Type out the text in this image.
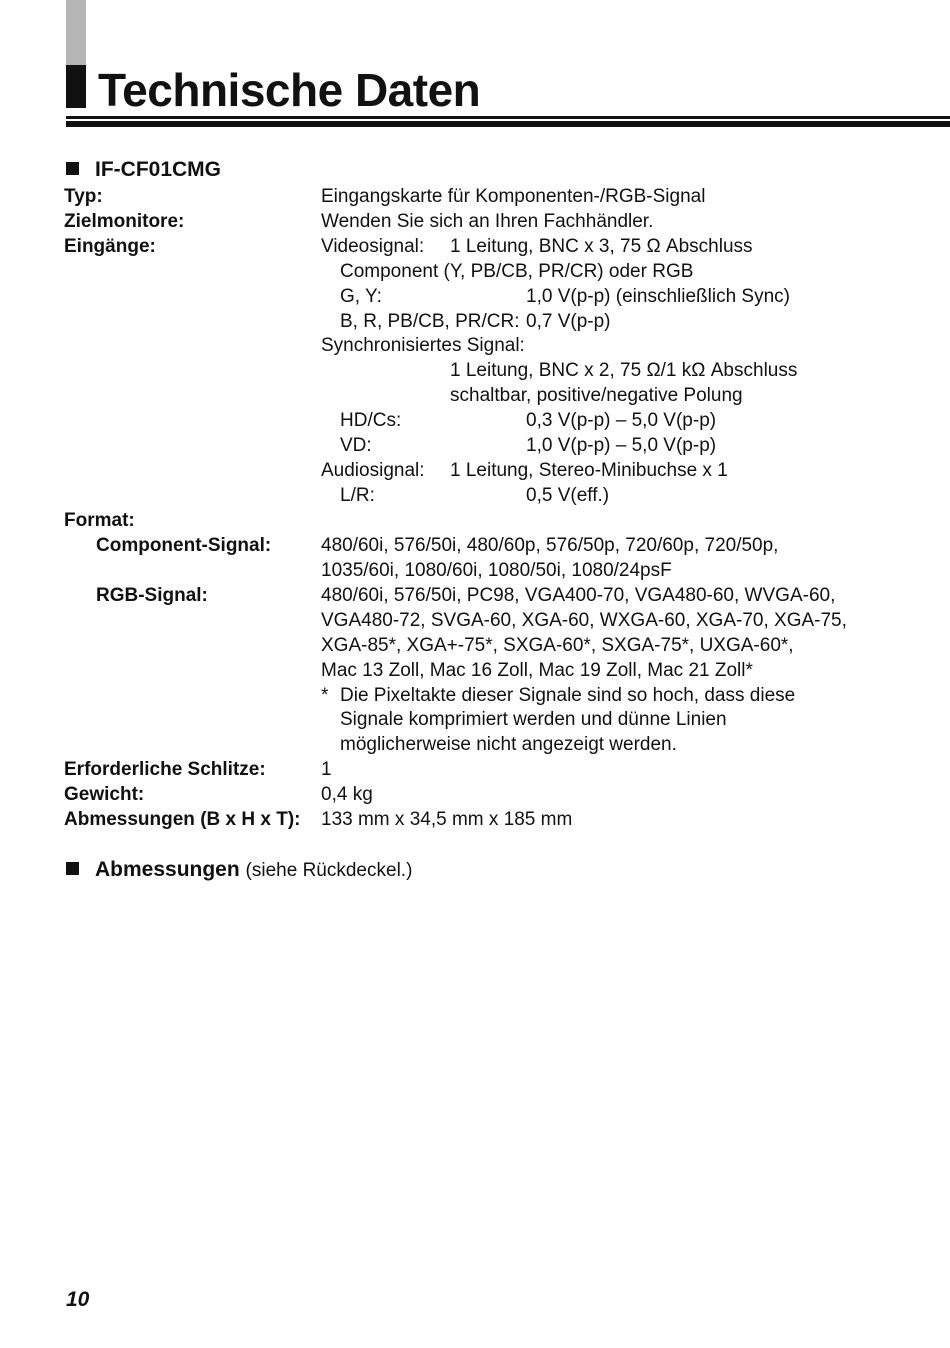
Technische Daten
IF-CF01CMG
Typ:	Eingangskarte für Komponenten-/RGB-Signal
Zielmonitore:	Wenden Sie sich an Ihren Fachhändler.
Eingänge:	Videosignal: 1 Leitung, BNC x 3, 75 Ω Abschluss
Component (Y, PB/CB, PR/CR) oder RGB
G, Y:	1,0 V(p-p) (einschließlich Sync)
B, R, PB/CB, PR/CR: 0,7 V(p-p)
Synchronisiertes Signal:
1 Leitung, BNC x 2, 75 Ω/1 kΩ Abschluss
schaltbar, positive/negative Polung
HD/Cs:	0,3 V(p-p) – 5,0 V(p-p)
VD:	1,0 V(p-p) – 5,0 V(p-p)
Audiosignal: 1 Leitung, Stereo-Minibuchse x 1
L/R:	0,5 V(eff.)
Format:
Component-Signal:	480/60i, 576/50i, 480/60p, 576/50p, 720/60p, 720/50p,
1035/60i, 1080/60i, 1080/50i, 1080/24psF
RGB-Signal:	480/60i, 576/50i, PC98, VGA400-70, VGA480-60, WVGA-60,
VGA480-72, SVGA-60, XGA-60, WXGA-60, XGA-70, XGA-75,
XGA-85*, XGA+-75*, SXGA-60*, SXGA-75*, UXGA-60*,
Mac 13 Zoll, Mac 16 Zoll, Mac 19 Zoll, Mac 21 Zoll*
* Die Pixeltakte dieser Signale sind so hoch, dass diese
Signale komprimiert werden und dünne Linien
möglicherweise nicht angezeigt werden.
Erforderliche Schlitze:	1
Gewicht:	0,4 kg
Abmessungen (B x H x T): 133 mm x 34,5 mm x 185 mm
Abmessungen (siehe Rückdeckel.)
10
